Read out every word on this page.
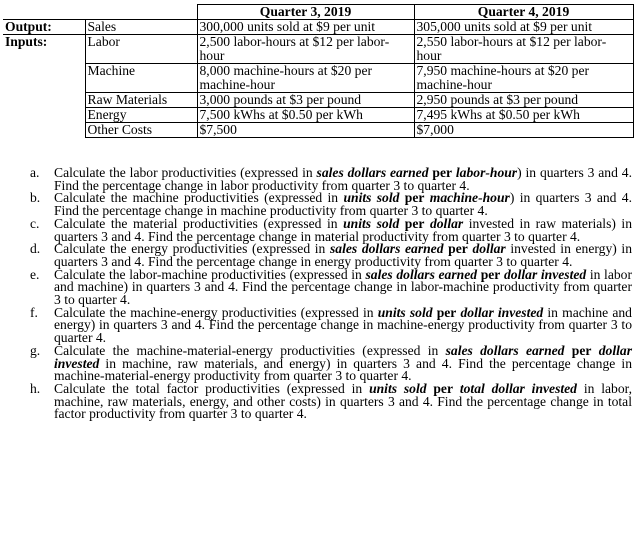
		Quarter 3, 2019	Quarter 4, 2019
Output:	Sales	300,000 units sold at $9 per unit	305,000 units sold at $9 per unit
Inputs:	Labor	2,500 labor-hours at $12 per labor-hour	2,550 labor-hours at $12 per labor-hour
	Machine	8,000 machine-hours at $20 per machine-hour	7,950 machine-hours at $20 per machine-hour
	Raw Materials	3,000 pounds at $3 per pound	2,950 pounds at $3 per pound
	Energy	7,500 kWhs at $0.50 per kWh	7,495 kWhs at $0.50 per kWh
	Other Costs	$7,500	$7,000
a. Calculate the labor productivities (expressed in sales dollars earned per labor-hour) in quarters 3 and 4. Find the percentage change in labor productivity from quarter 3 to quarter 4.
b. Calculate the machine productivities (expressed in units sold per machine-hour) in quarters 3 and 4. Find the percentage change in machine productivity from quarter 3 to quarter 4.
c. Calculate the material productivities (expressed in units sold per dollar invested in raw materials) in quarters 3 and 4. Find the percentage change in material productivity from quarter 3 to quarter 4.
d. Calculate the energy productivities (expressed in sales dollars earned per dollar invested in energy) in quarters 3 and 4. Find the percentage change in energy productivity from quarter 3 to quarter 4.
e. Calculate the labor-machine productivities (expressed in sales dollars earned per dollar invested in labor and machine) in quarters 3 and 4. Find the percentage change in labor-machine productivity from quarter 3 to quarter 4.
f. Calculate the machine-energy productivities (expressed in units sold per dollar invested in machine and energy) in quarters 3 and 4. Find the percentage change in machine-energy productivity from quarter 3 to quarter 4.
g. Calculate the machine-material-energy productivities (expressed in sales dollars earned per dollar invested in machine, raw materials, and energy) in quarters 3 and 4. Find the percentage change in machine-material-energy productivity from quarter 3 to quarter 4.
h. Calculate the total factor productivities (expressed in units sold per total dollar invested in labor, machine, raw materials, energy, and other costs) in quarters 3 and 4. Find the percentage change in total factor productivity from quarter 3 to quarter 4.
